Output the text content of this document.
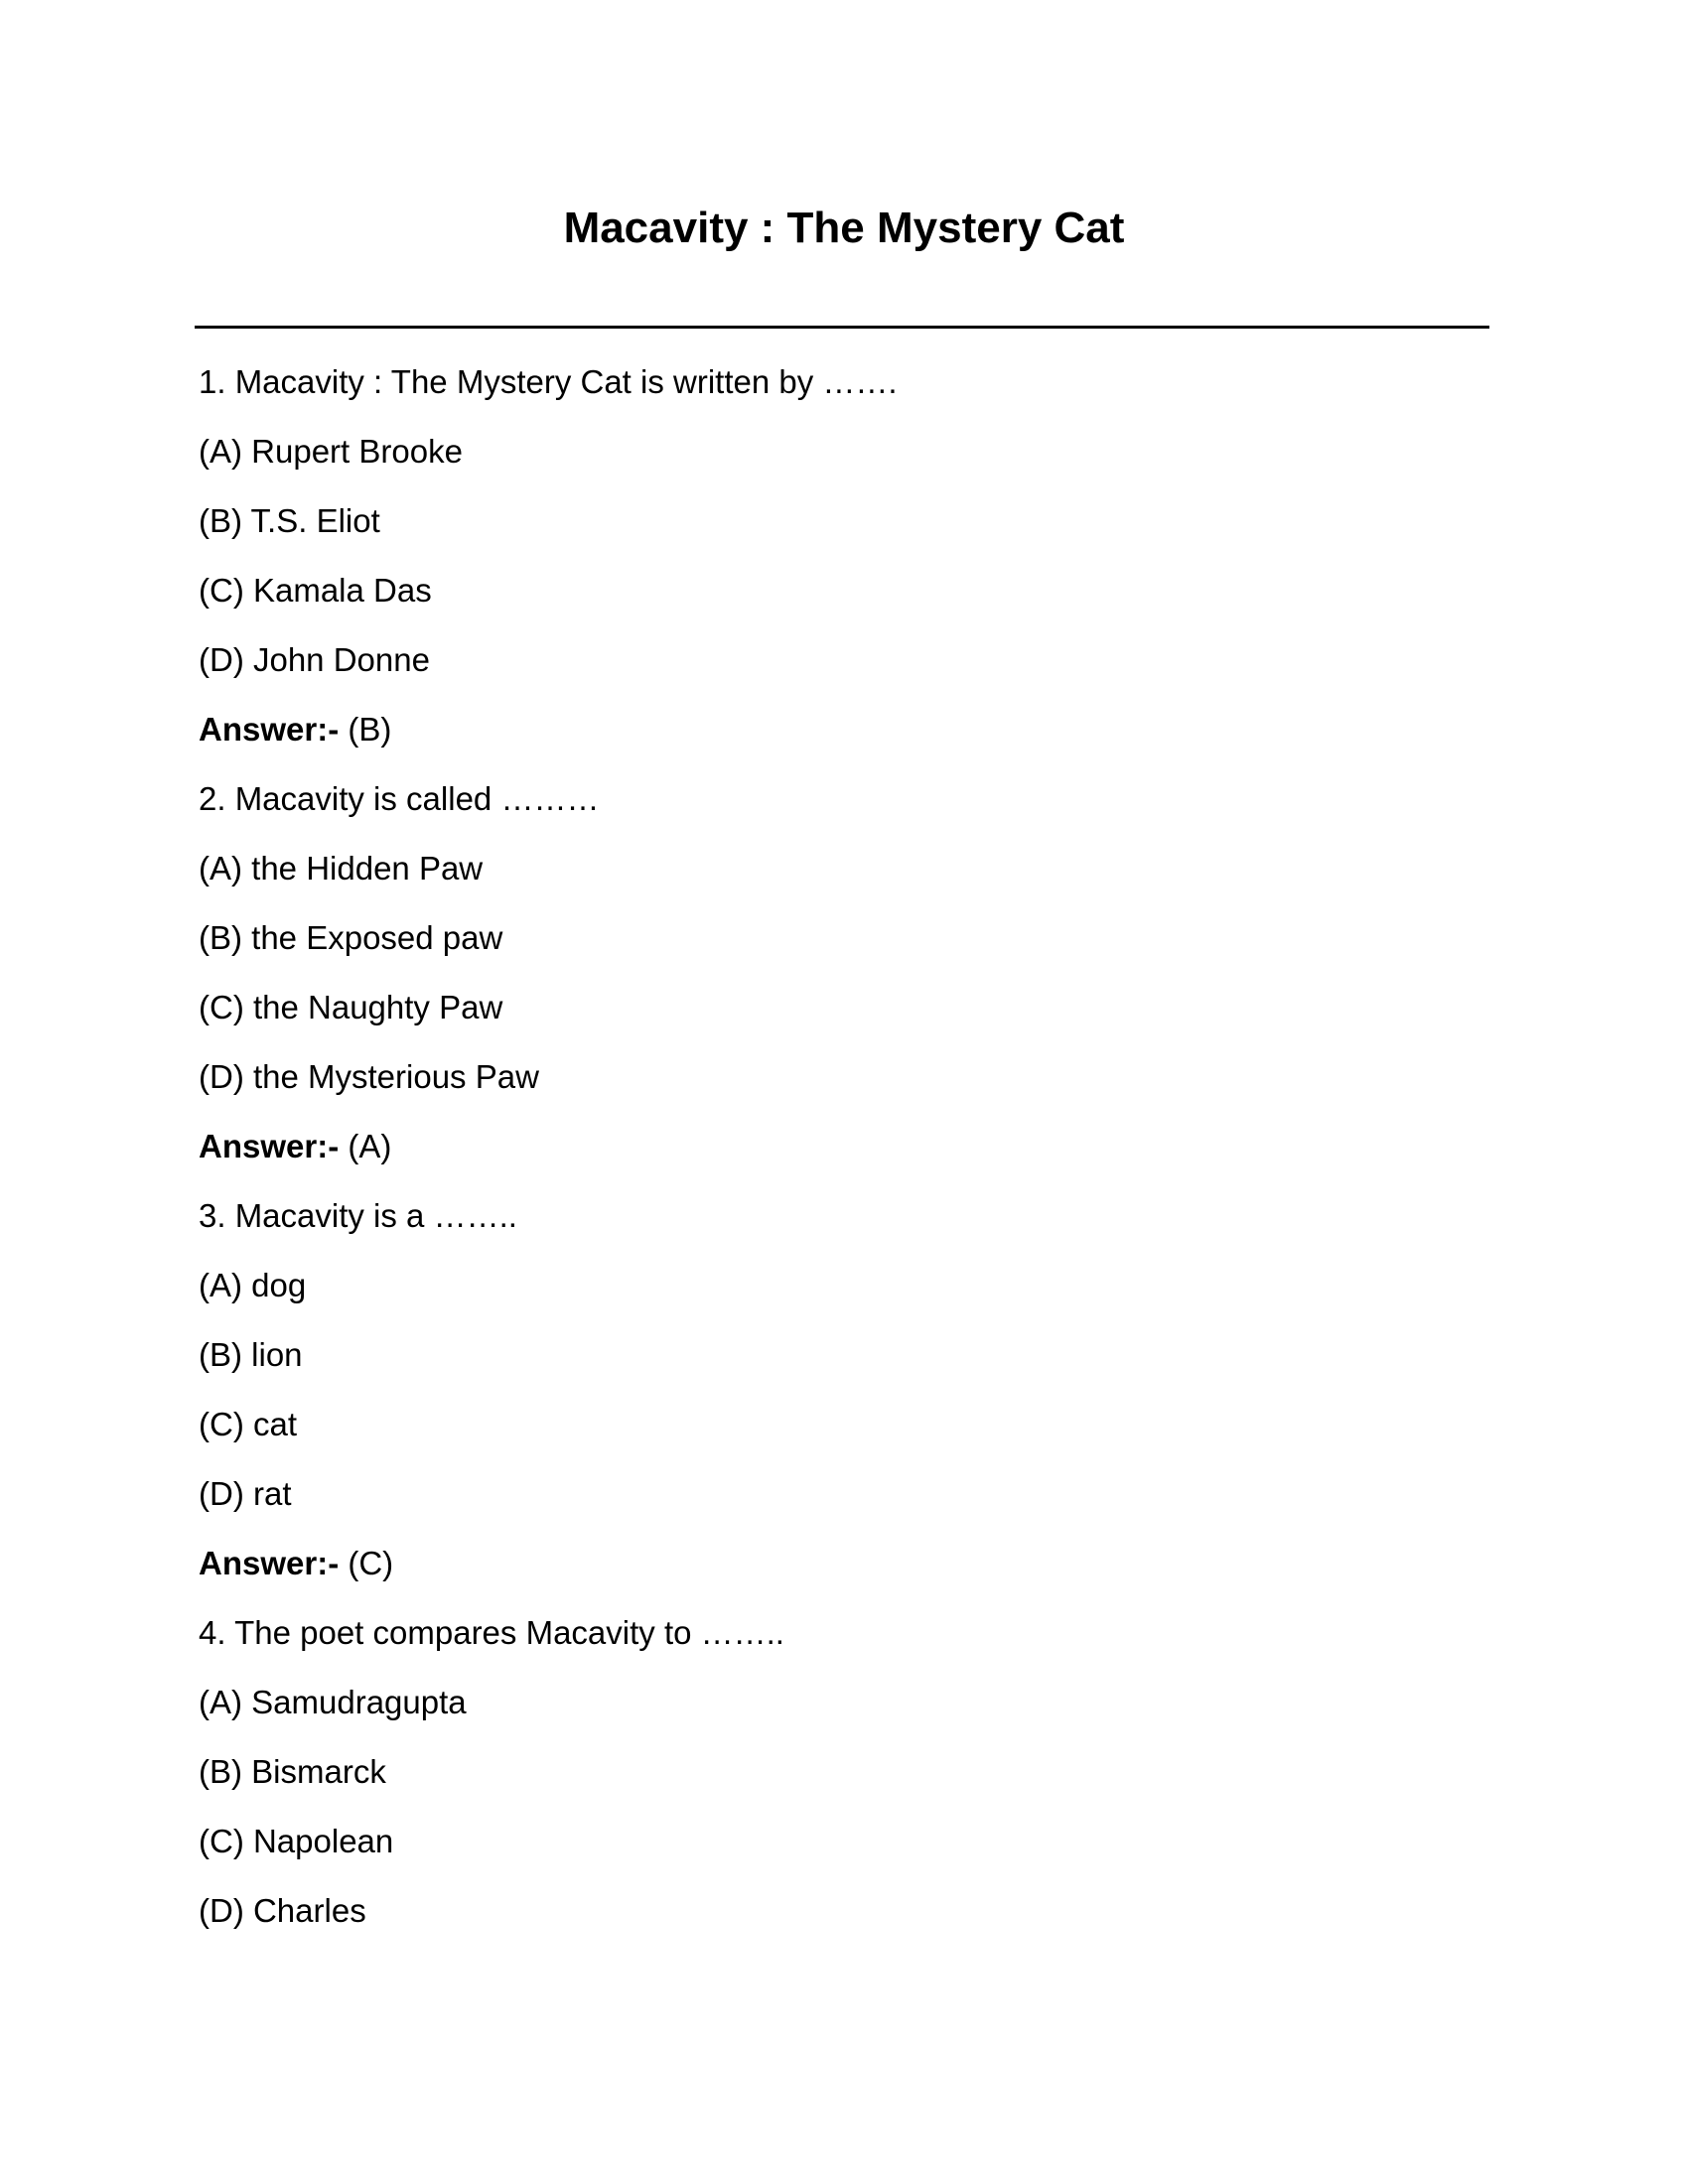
Macavity : The Mystery Cat
1. Macavity : The Mystery Cat is written by …….
(A) Rupert Brooke
(B) T.S. Eliot
(C) Kamala Das
(D) John Donne
Answer:- (B)
2. Macavity is called ………
(A) the Hidden Paw
(B) the Exposed paw
(C) the Naughty Paw
(D) the Mysterious Paw
Answer:- (A)
3. Macavity is a ……..
(A) dog
(B) lion
(C) cat
(D) rat
Answer:- (C)
4. The poet compares Macavity to ……..
(A) Samudragupta
(B) Bismarck
(C) Napolean
(D) Charles
